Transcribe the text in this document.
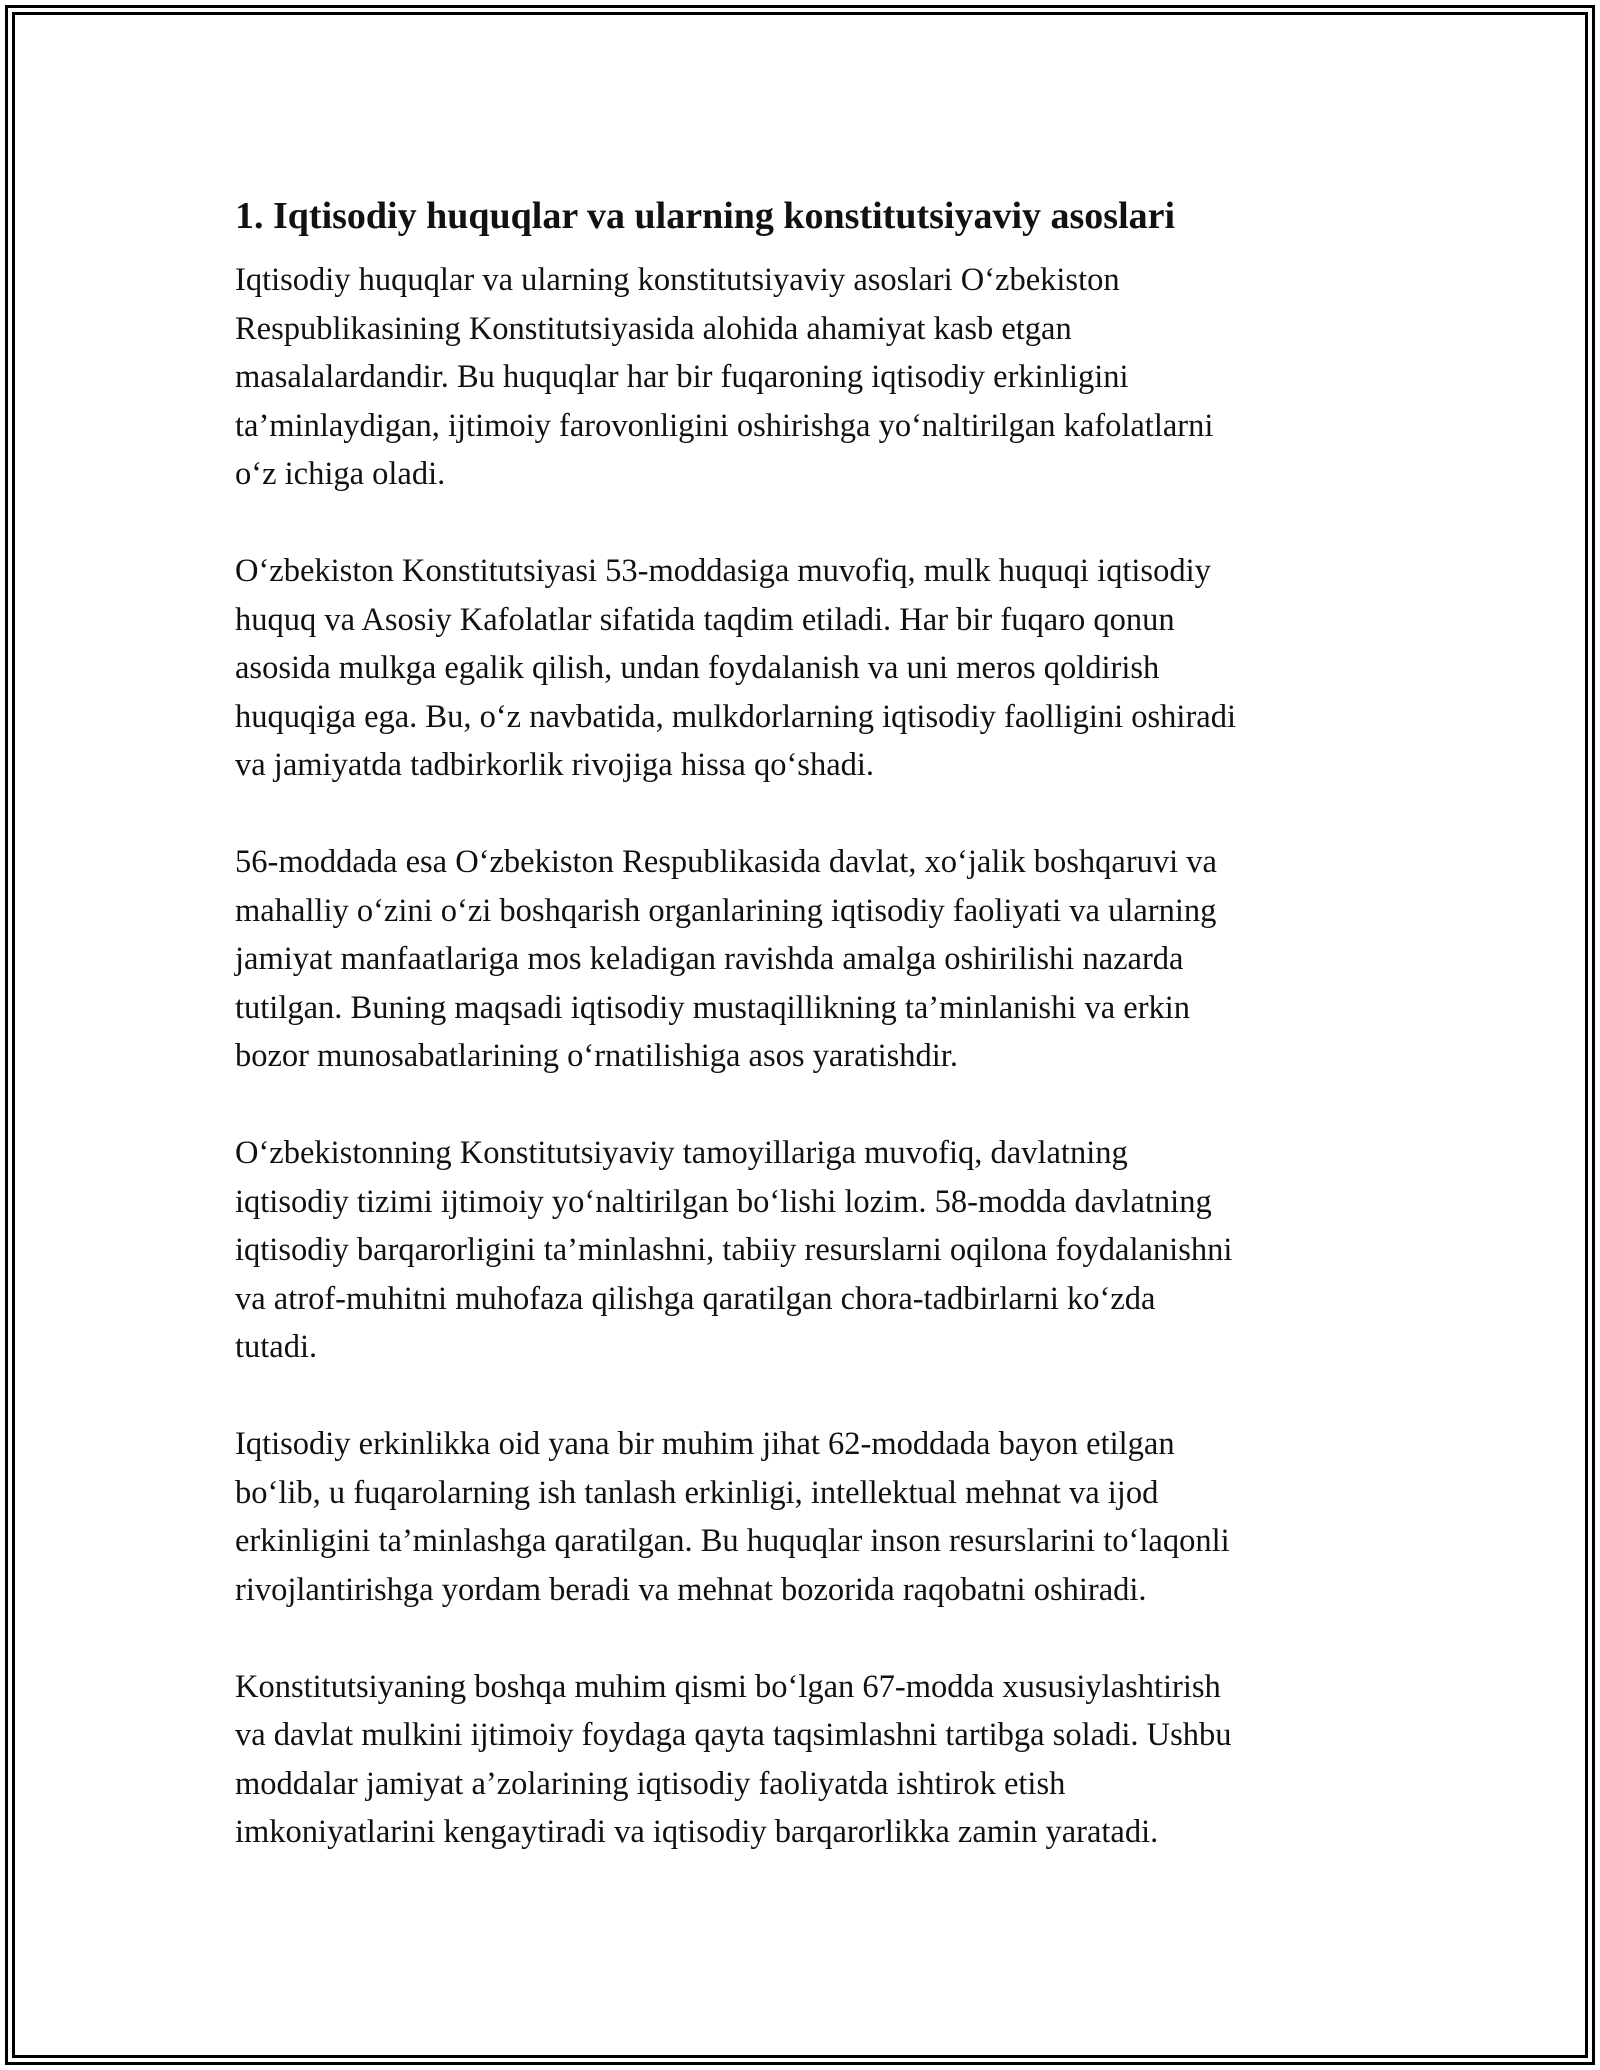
1. Iqtisodiy huquqlar va ularning konstitutsiyaviy asoslari
Iqtisodiy huquqlar va ularning konstitutsiyaviy asoslari O‘zbekiston
Respublikasining Konstitutsiyasida alohida ahamiyat kasb etgan
masalalardandir. Bu huquqlar har bir fuqaroning iqtisodiy erkinligini
ta’minlaydigan, ijtimoiy farovonligini oshirishga yo‘naltirilgan kafolatlarni
o‘z ichiga oladi.
O‘zbekiston Konstitutsiyasi 53-moddasiga muvofiq, mulk huquqi iqtisodiy
huquq va Asosiy Kafolatlar sifatida taqdim etiladi. Har bir fuqaro qonun
asosida mulkga egalik qilish, undan foydalanish va uni meros qoldirish
huquqiga ega. Bu, o‘z navbatida, mulkdorlarning iqtisodiy faolligini oshiradi
va jamiyatda tadbirkorlik rivojiga hissa qo‘shadi.
56-moddada esa O‘zbekiston Respublikasida davlat, xo‘jalik boshqaruvi va
mahalliy o‘zini o‘zi boshqarish organlarining iqtisodiy faoliyati va ularning
jamiyat manfaatlariga mos keladigan ravishda amalga oshirilishi nazarda
tutilgan. Buning maqsadi iqtisodiy mustaqillikning ta’minlanishi va erkin
bozor munosabatlarining o‘rnatilishiga asos yaratishdir.
O‘zbekistonning Konstitutsiyaviy tamoyillariga muvofiq, davlatning
iqtisodiy tizimi ijtimoiy yo‘naltirilgan bo‘lishi lozim. 58-modda davlatning
iqtisodiy barqarorligini ta’minlashni, tabiiy resurslarni oqilona foydalanishni
va atrof-muhitni muhofaza qilishga qaratilgan chora-tadbirlarni ko‘zda
tutadi.
Iqtisodiy erkinlikka oid yana bir muhim jihat 62-moddada bayon etilgan
bo‘lib, u fuqarolarning ish tanlash erkinligi, intellektual mehnat va ijod
erkinligini ta’minlashga qaratilgan. Bu huquqlar inson resurslarini to‘laqonli
rivojlantirishga yordam beradi va mehnat bozorida raqobatni oshiradi.
Konstitutsiyaning boshqa muhim qismi bo‘lgan 67-modda xususiylashtirish
va davlat mulkini ijtimoiy foydaga qayta taqsimlashni tartibga soladi. Ushbu
moddalar jamiyat a’zolarining iqtisodiy faoliyatda ishtirok etish
imkoniyatlarini kengaytiradi va iqtisodiy barqarorlikka zamin yaratadi.
